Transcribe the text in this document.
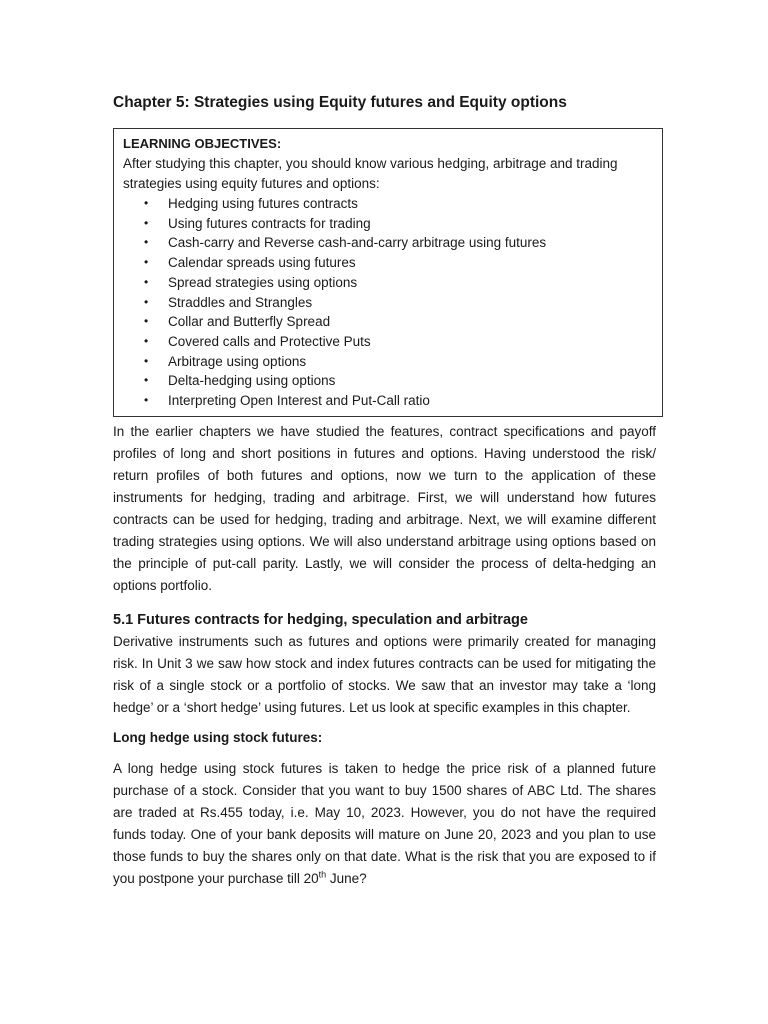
Chapter 5: Strategies using Equity futures and Equity options
LEARNING OBJECTIVES:
After studying this chapter, you should know various hedging, arbitrage and trading strategies using equity futures and options:
• Hedging using futures contracts
• Using futures contracts for trading
• Cash-carry and Reverse cash-and-carry arbitrage using futures
• Calendar spreads using futures
• Spread strategies using options
• Straddles and Strangles
• Collar and Butterfly Spread
• Covered calls and Protective Puts
• Arbitrage using options
• Delta-hedging using options
• Interpreting Open Interest and Put-Call ratio

In the earlier chapters we have studied the features, contract specifications and payoff profiles of long and short positions in futures and options. Having understood the risk/ return profiles of both futures and options, now we turn to the application of these instruments for hedging, trading and arbitrage. First, we will understand how futures contracts can be used for hedging, trading and arbitrage. Next, we will examine different trading strategies using options. We will also understand arbitrage using options based on the principle of put-call parity. Lastly, we will consider the process of delta-hedging an options portfolio.

5.1 Futures contracts for hedging, speculation and arbitrage

Derivative instruments such as futures and options were primarily created for managing risk. In Unit 3 we saw how stock and index futures contracts can be used for mitigating the risk of a single stock or a portfolio of stocks. We saw that an investor may take a ‘long hedge’ or a ‘short hedge’ using futures. Let us look at specific examples in this chapter.

Long hedge using stock futures:

A long hedge using stock futures is taken to hedge the price risk of a planned future purchase of a stock. Consider that you want to buy 1500 shares of ABC Ltd. The shares are traded at Rs.455 today, i.e. May 10, 2023. However, you do not have the required funds today. One of your bank deposits will mature on June 20, 2023 and you plan to use those funds to buy the shares only on that date. What is the risk that you are exposed to if you postpone your purchase till 20th June?
